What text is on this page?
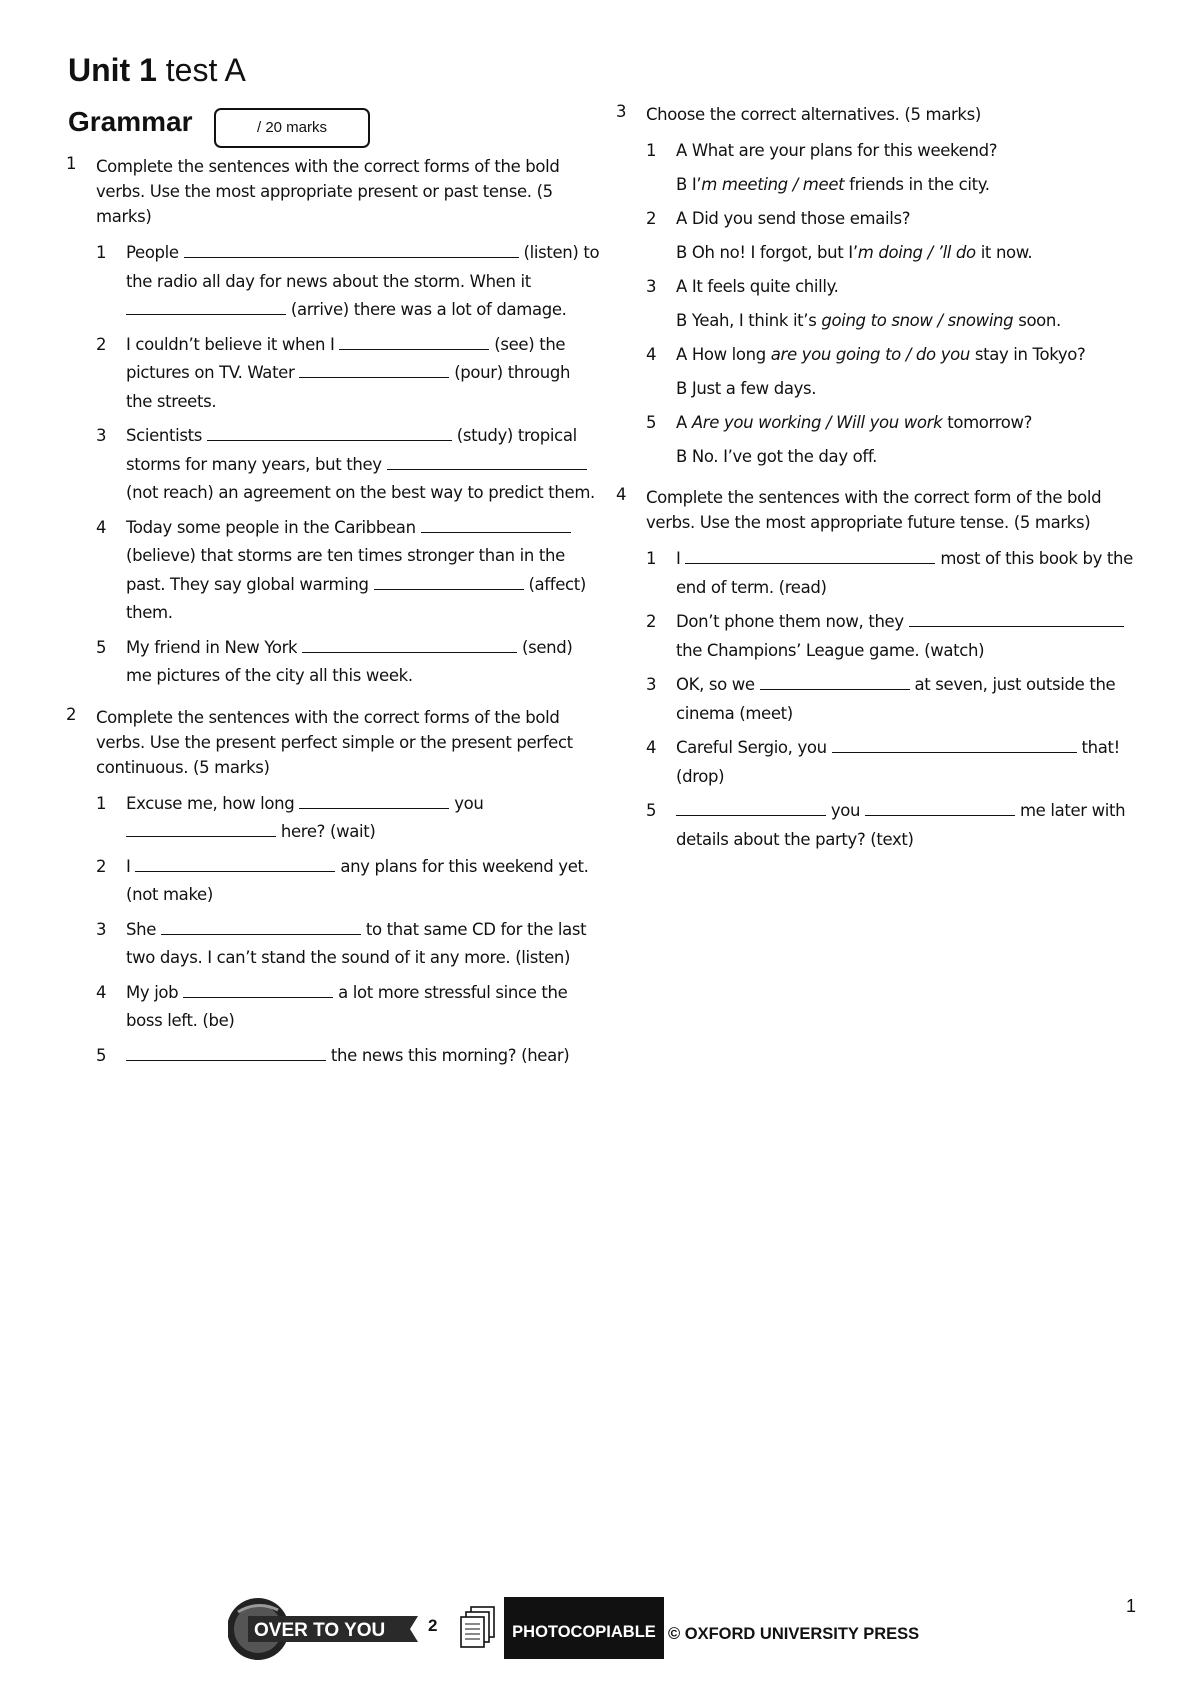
Unit 1 test A
Grammar	/ 20 marks
1 Complete the sentences with the correct forms of the bold verbs. Use the most appropriate present or past tense. (5 marks)
1 People	(listen) to the radio all day for news about the storm. When it  (arrive) there was a lot of damage.
2 I couldn’t believe it when I	(see) the pictures on TV. Water	(pour) through the streets.
3 Scientists	(study) tropical storms for many years, but they  (not reach) an agreement on the best way to predict them.
4 Today some people in the Caribbean  (believe) that storms are ten times stronger than in the past. They say global warming	(affect) them.
5 My friend in New York	(send) me pictures of the city all this week.
2 Complete the sentences with the correct forms of the bold verbs. Use the present perfect simple or the present perfect continuous. (5 marks)
1 Excuse me, how long	you  here? (wait)
2 I	any plans for this weekend yet. (not make)
3 She	to that same CD for the last two days. I can’t stand the sound of it any more. (listen)
4 My job	a lot more stressful since the boss left. (be)
5	the news this morning? (hear)
3 Choose the correct alternatives. (5 marks)
1 A What are your plans for this weekend?
B I’m meeting / meet friends in the city.
2 A Did you send those emails?
B Oh no! I forgot, but I’m doing / ’ll do it now.
3 A It feels quite chilly.
B Yeah, I think it’s going to snow / snowing soon.
4 A How long are you going to / do you stay in Tokyo?
B Just a few days.
5 A Are you working / Will you work tomorrow?
B No. I’ve got the day off.
4 Complete the sentences with the correct form of the bold verbs. Use the most appropriate future tense. (5 marks)
1 I	most of this book by the end of term. (read)
2 Don’t phone them now, they  the Champions’ League game. (watch)
3 OK, so we	at seven, just outside the cinema (meet)
4 Careful Sergio, you	that! (drop)
5	you	me later with details about the party? (text)
OVER TO YOU	2	PHOTOCOPIABLE © OXFORD UNIVERSITY PRESS
1
